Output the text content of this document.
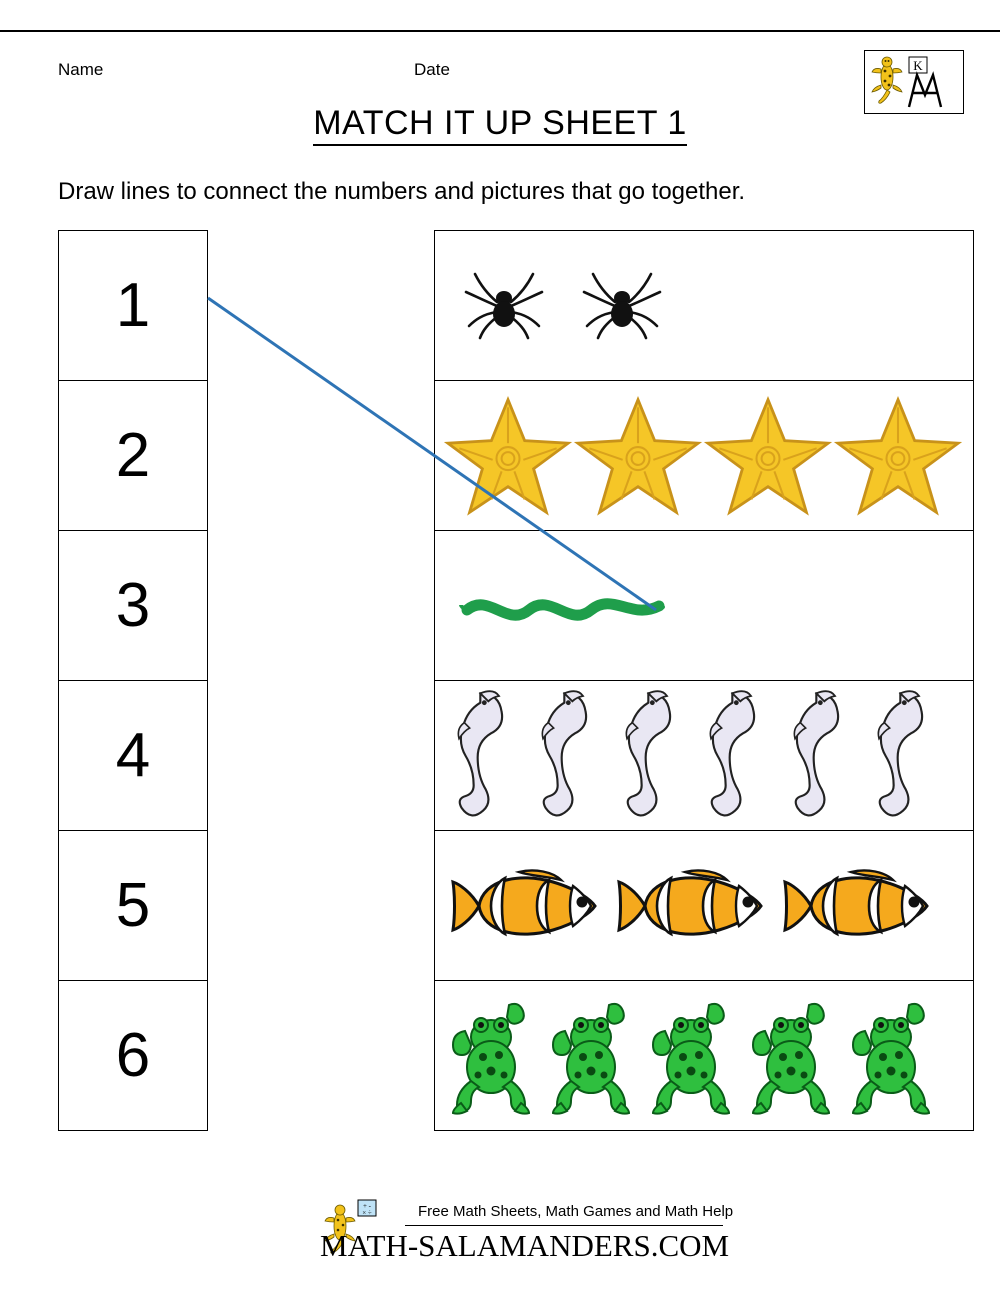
Name	Date	K
MATCH IT UP SHEET 1
Draw lines to connect the numbers and pictures that go together.
1
2
3
4
5
6
+ -
× ÷	Free Math Sheets, Math Games and Math Help
MATH-SALAMANDERS.COM
